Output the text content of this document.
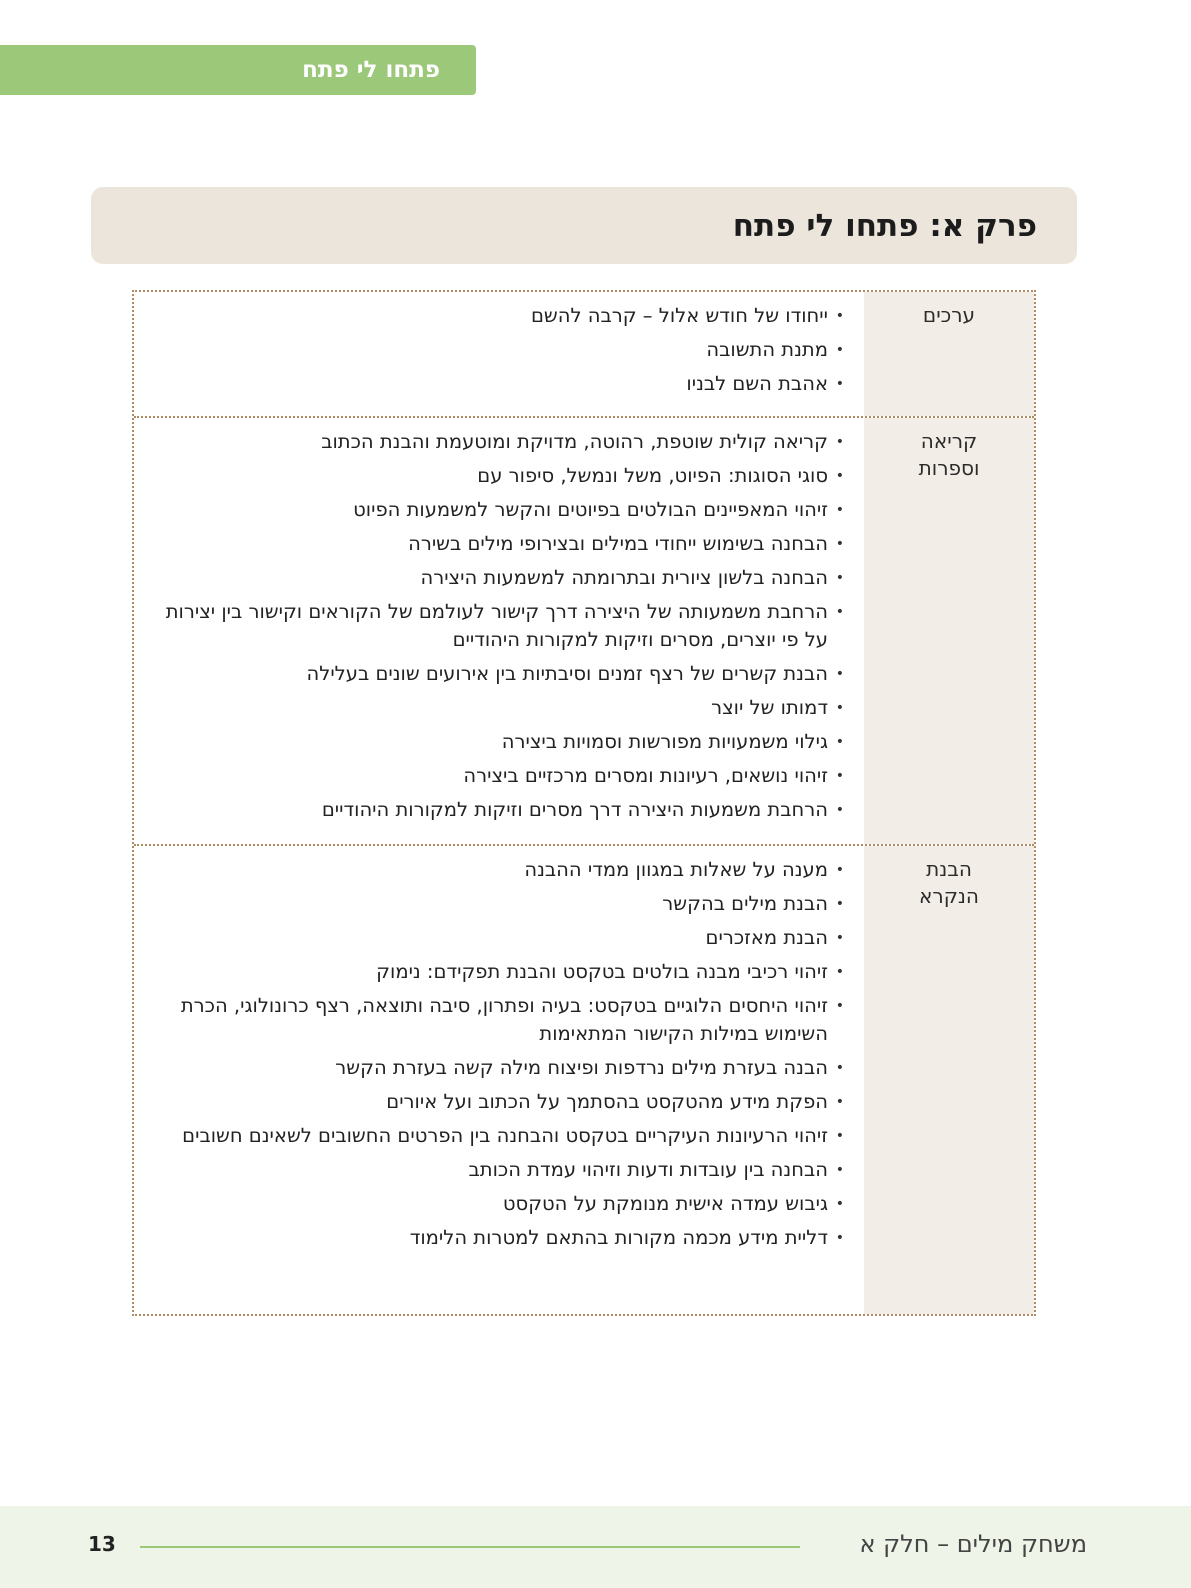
פתחו לי פתח
פרק א: פתחו לי פתח
ערכים
• ייחודו של חודש אלול – קרבה להשם
• מתנת התשובה
• אהבת השם לבניו
קריאה וספרות
• קריאה קולית שוטפת, רהוטה, מדויקת ומוטעמת והבנת הכתוב
• סוגי הסוגות: הפיוט, משל ונמשל, סיפור עם
• זיהוי המאפיינים הבולטים בפיוטים והקשר למשמעות הפיוט
• הבחנה בשימוש ייחודי במילים ובצירופי מילים בשירה
• הבחנה בלשון ציורית ובתרומתה למשמעות היצירה
• הרחבת משמעותה של היצירה דרך קישור לעולמם של הקוראים וקישור בין יצירות על פי יוצרים, מסרים וזיקות למקורות היהודיים
• הבנת קשרים של רצף זמנים וסיבתיות בין אירועים שונים בעלילה
• דמותו של יוצר
• גילוי משמעויות מפורשות וסמויות ביצירה
• זיהוי נושאים, רעיונות ומסרים מרכזיים ביצירה
• הרחבת משמעות היצירה דרך מסרים וזיקות למקורות היהודיים
הבנת הנקרא
• מענה על שאלות במגוון ממדי ההבנה
• הבנת מילים בהקשר
• הבנת מאזכרים
• זיהוי רכיבי מבנה בולטים בטקסט והבנת תפקידם: נימוק
• זיהוי היחסים הלוגיים בטקסט: בעיה ופתרון, סיבה ותוצאה, רצף כרונולוגי, הכרת השימוש במילות הקישור המתאימות
• הבנה בעזרת מילים נרדפות ופיצוח מילה קשה בעזרת הקשר
• הפקת מידע מהטקסט בהסתמך על הכתוב ועל איורים
• זיהוי הרעיונות העיקריים בטקסט והבחנה בין הפרטים החשובים לשאינם חשובים
• הבחנה בין עובדות ודעות וזיהוי עמדת הכותב
• גיבוש עמדה אישית מנומקת על הטקסט
• דליית מידע מכמה מקורות בהתאם למטרות הלימוד
משחק מילים – חלק א
13
